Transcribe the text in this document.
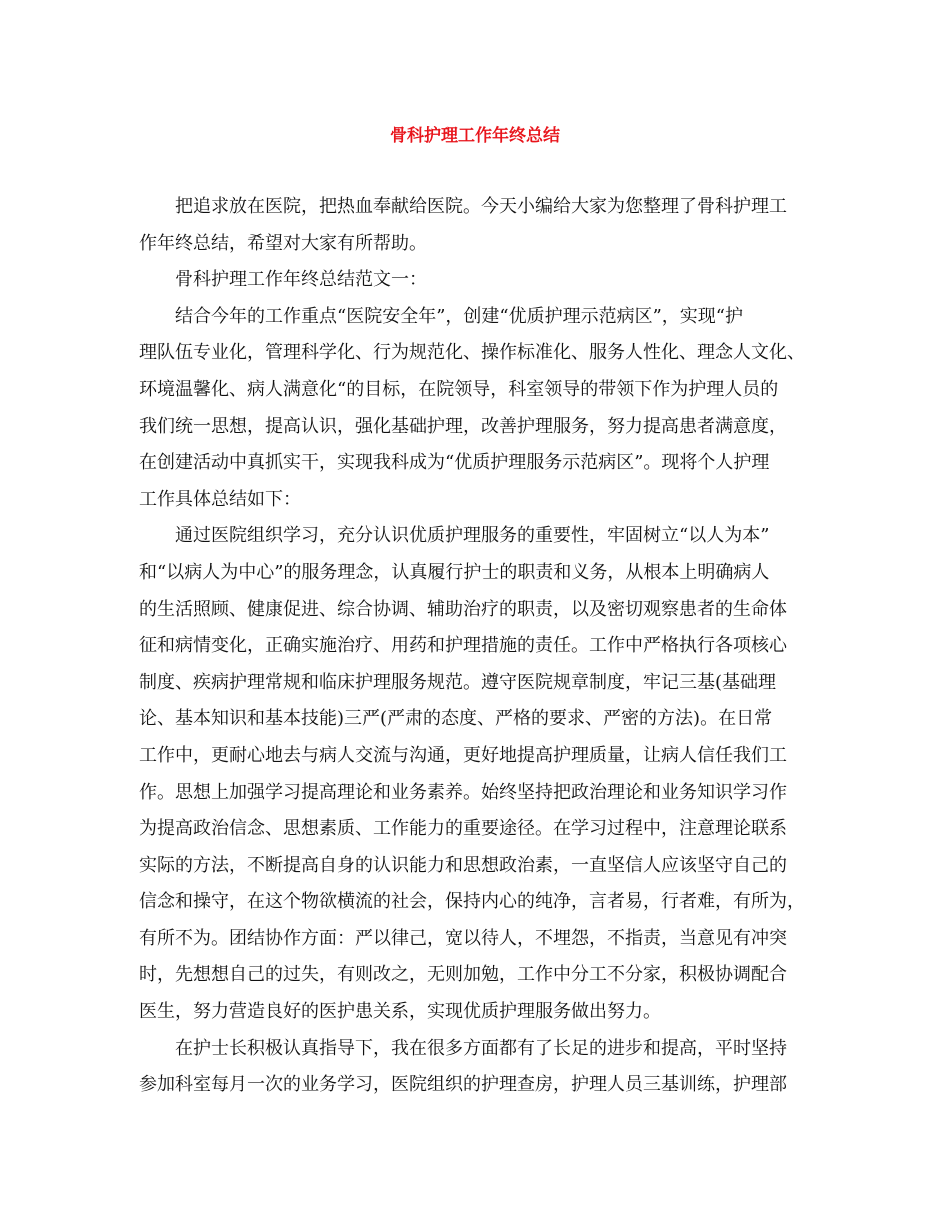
骨科护理工作年终总结
　　把追求放在医院，把热血奉献给医院。今天小编给大家为您整理了骨科护理工
作年终总结，希望对大家有所帮助。
　　骨科护理工作年终总结范文一：
　　结合今年的工作重点“医院安全年”，创建“优质护理示范病区”，实现“护
理队伍专业化，管理科学化、行为规范化、操作标准化、服务人性化、理念人文化、
环境温馨化、病人满意化“的目标，在院领导，科室领导的带领下作为护理人员的
我们统一思想，提高认识，强化基础护理，改善护理服务，努力提高患者满意度，
在创建活动中真抓实干，实现我科成为“优质护理服务示范病区”。现将个人护理
工作具体总结如下：
　　通过医院组织学习，充分认识优质护理服务的重要性，牢固树立“以人为本”
和“以病人为中心”的服务理念，认真履行护士的职责和义务，从根本上明确病人
的生活照顾、健康促进、综合协调、辅助治疗的职责，以及密切观察患者的生命体
征和病情变化，正确实施治疗、用药和护理措施的责任。工作中严格执行各项核心
制度、疾病护理常规和临床护理服务规范。遵守医院规章制度，牢记三基(基础理
论、基本知识和基本技能)三严(严肃的态度、严格的要求、严密的方法)。在日常
工作中，更耐心地去与病人交流与沟通，更好地提高护理质量，让病人信任我们工
作。思想上加强学习提高理论和业务素养。始终坚持把政治理论和业务知识学习作
为提高政治信念、思想素质、工作能力的重要途径。在学习过程中，注意理论联系
实际的方法，不断提高自身的认识能力和思想政治素，一直坚信人应该坚守自己的
信念和操守，在这个物欲横流的社会，保持内心的纯净，言者易，行者难，有所为，
有所不为。团结协作方面：严以律己，宽以待人，不埋怨，不指责，当意见有冲突
时，先想想自己的过失，有则改之，无则加勉，工作中分工不分家，积极协调配合
医生，努力营造良好的医护患关系，实现优质护理服务做出努力。
　　在护士长积极认真指导下，我在很多方面都有了长足的进步和提高，平时坚持
参加科室每月一次的业务学习，医院组织的护理查房，护理人员三基训练，护理部
